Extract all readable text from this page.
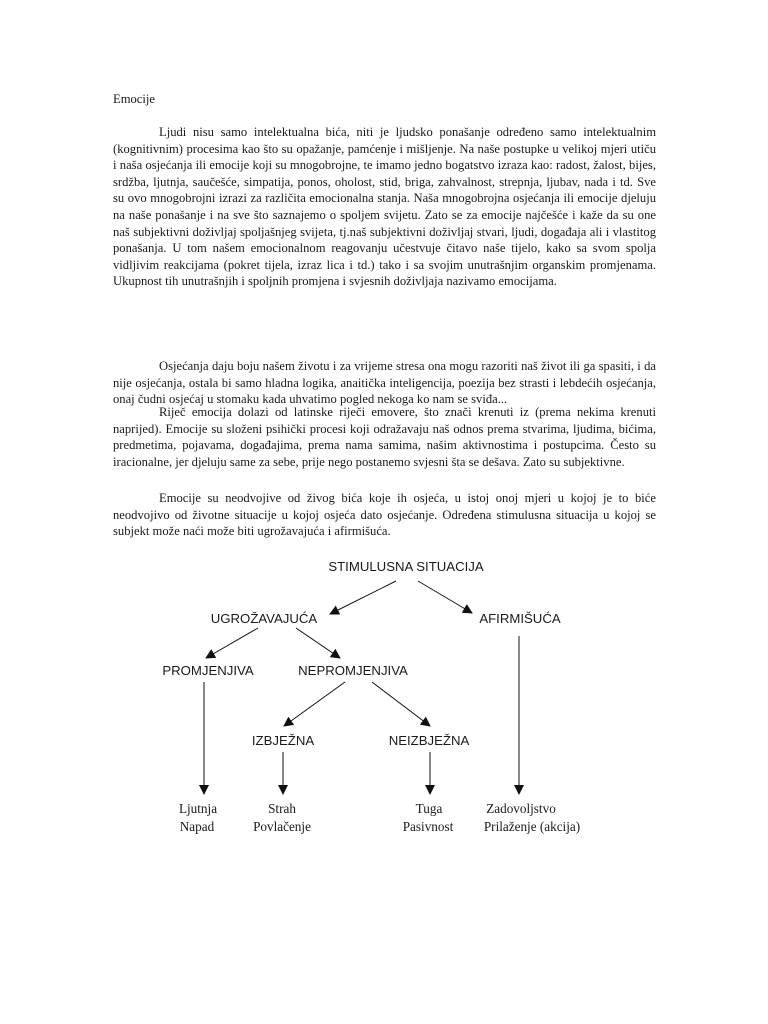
Emocije

Ljudi nisu samo intelektualna bića, niti je ljudsko ponašanje određeno samo intelektualnim (kognitivnim) procesima kao što su opažanje, pamćenje i mišljenje. Na naše postupke u velikoj mjeri utiču i naša osjećanja ili emocije koji su mnogobrojne, te imamo jedno bogatstvo izraza kao: radost, žalost, bijes, srdžba, ljutnja, saučešće, simpatija, ponos, oholost, stid, briga, zahvalnost, strepnja, ljubav, nada i td. Sve su ovo mnogobrojni izrazi za različita emocionalna stanja. Naša mnogobrojna osjećanja ili emocije djeluju na naše ponašanje i na sve što saznajemo o spoljem svijetu. Zato se za emocije najčešće i kaže da su one naš subjektivni doživljaj spoljašnjeg svijeta, tj.naš subjektivni doživljaj stvari, ljudi, događaja ali i vlastitog ponašanja. U tom našem emocionalnom reagovanju učestvuje čitavo naše tijelo, kako sa svom spolja vidljivim reakcijama (pokret tijela, izraz lica i td.) tako i sa svojim unutrašnjim organskim promjenama. Ukupnost tih unutrašnjih i spoljnih promjena i svjesnih doživljaja nazivamo emocijama.

Osjećanja daju boju našem životu i za vrijeme stresa ona mogu razoriti naš život ili ga spasiti, i da nije osjećanja, ostala bi samo hladna logika, anaitička inteligencija, poezija bez strasti i lebdećih osjećanja, onaj čudni osjećaj u stomaku kada uhvatimo pogled nekoga ko nam se sviđa...

Riječ emocija dolazi od latinske riječi emovere, što znači krenuti iz (prema nekima krenuti naprijed). Emocije su složeni psihički procesi koji odražavaju naš odnos prema stvarima, ljudima, bićima, predmetima, pojavama, događajima, prema nama samima, našim aktivnostima i postupcima. Često su iracionalne, jer djeluju same za sebe, prije nego postanemo svjesni šta se dešava. Zato su subjektivne.

Emocije su neodvojive od živog bića koje ih osjeća, u istoj onoj mjeri u kojoj je to biće neodvojivo od životne situacije u kojoj osjeća dato osjećanje. Određena stimulusna situacija u kojoj se subjekt može naći može biti ugrožavajuća i afirmišuća.

STIMULUSNA SITUACIJA
UGROŽAVAJUĆA	AFIRMIŠUĆA
PROMJENJIVA	NEPROMJENJIVA
IZBJEŽNA	NEIZBJEŽNA
Ljutnja
Napad
Strah
Povlačenje
Tuga
Pasivnost
Zadovoljstvo
Prilaženje (akcija)
